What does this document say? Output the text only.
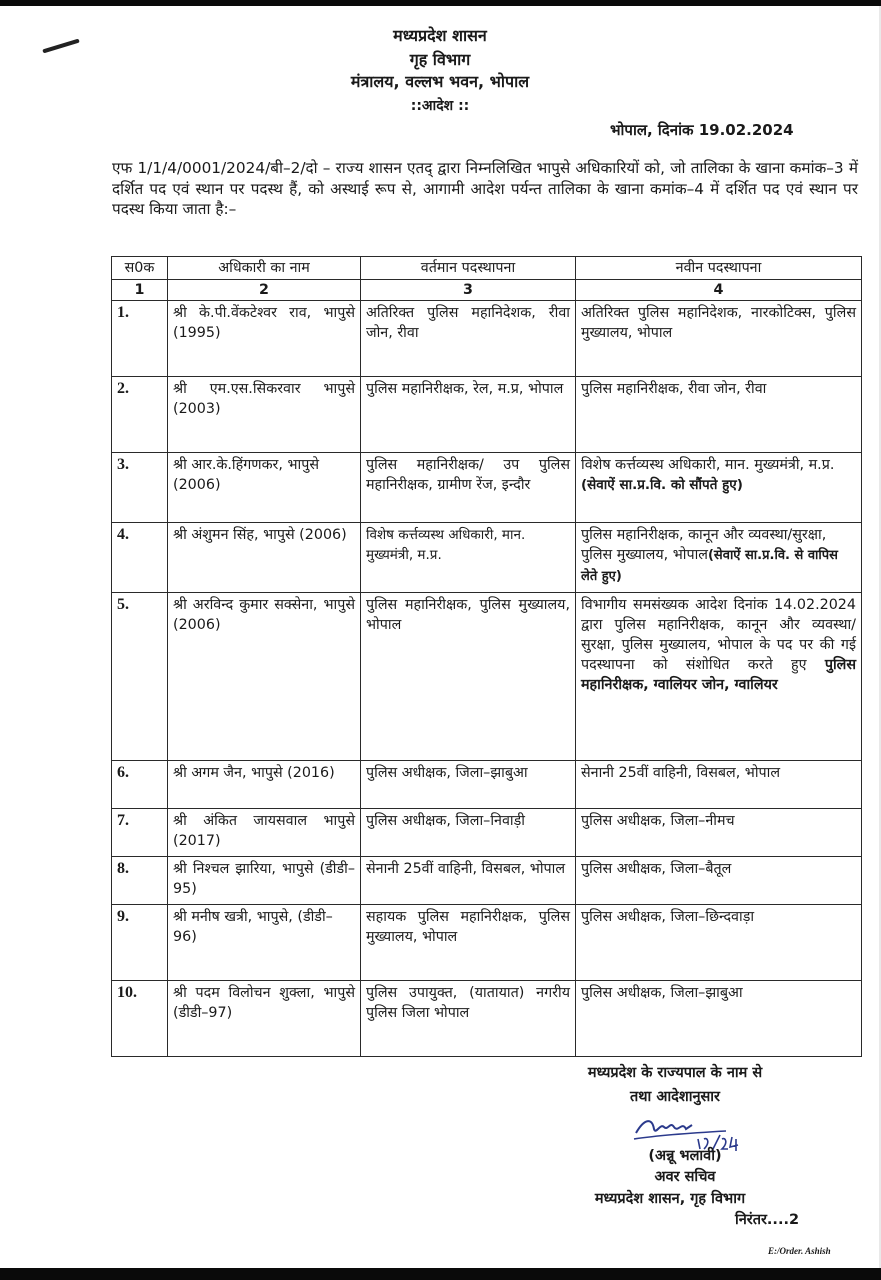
मध्यप्रदेश शासन
गृह विभाग
मंत्रालय, वल्लभ भवन, भोपाल
::आदेश ::
भोपाल, दिनांक 19.02.2024
एफ 1/1/4/0001/2024/बी–2/दो – राज्य शासन एतद् द्वारा निम्नलिखित भापुसे अधिकारियों को, जो तालिका के खाना कमांक–3 में दर्शित पद एवं स्थान पर पदस्थ हैं, को अस्थाई रूप से, आगामी आदेश पर्यन्त तालिका के खाना कमांक–4 में दर्शित पद एवं स्थान पर पदस्थ किया जाता है:–
स0क	अधिकारी का नाम	वर्तमान पदस्थापना	नवीन पदस्थापना
1	2	3	4
1.	श्री के.पी.वेंकटेश्वर राव, भापुसे (1995)	अतिरिक्त पुलिस महानिदेशक, रीवा जोन, रीवा	अतिरिक्त पुलिस महानिदेशक, नारकोटिक्स, पुलिस मुख्यालय, भोपाल
2.	श्री एम.एस.सिकरवार भापुसे (2003)	पुलिस महानिरीक्षक, रेल, म.प्र, भोपाल	पुलिस महानिरीक्षक, रीवा जोन, रीवा
3.	श्री आर.के.हिंगणकर, भापुसे (2006)	पुलिस महानिरीक्षक/ उप पुलिस महानिरीक्षक, ग्रामीण रेंज, इन्दौर	विशेष कर्त्तव्यस्थ अधिकारी, मान. मुख्यमंत्री, म.प्र.
(सेवाऐं सा.प्र.वि. को सौंपते हुए)

4.	श्री अंशुमन सिंह, भापुसे (2006)	विशेष कर्त्तव्यस्थ अधिकारी, मान. मुख्यमंत्री, म.प्र.	पुलिस महानिरीक्षक, कानून और व्यवस्था/सुरक्षा, पुलिस मुख्यालय, भोपाल(सेवाऐं सा.प्र.वि. से वापिस लेते हुए)
5.	श्री अरविन्द कुमार सक्सेना, भापुसे (2006)	पुलिस महानिरीक्षक, पुलिस मुख्यालय, भोपाल	विभागीय समसंख्यक आदेश दिनांक 14.02.2024 द्वारा पुलिस महानिरीक्षक, कानून और व्यवस्था/ सुरक्षा, पुलिस मुख्यालय, भोपाल के पद पर की गई पदस्थापना को संशोधित करते हुए पुलिस महानिरीक्षक, ग्वालियर जोन, ग्वालियर
6.	श्री अगम जैन, भापुसे (2016)	पुलिस अधीक्षक, जिला–झाबुआ	सेनानी 25वीं वाहिनी, विसबल, भोपाल
7.	श्री अंकित जायसवाल भापुसे (2017)	पुलिस अधीक्षक, जिला–निवाड़ी	पुलिस अधीक्षक, जिला–नीमच
8.	श्री निश्चल झारिया, भापुसे (डीडी–95)	सेनानी 25वीं वाहिनी, विसबल, भोपाल	पुलिस अधीक्षक, जिला–बैतूल
9.	श्री मनीष खत्री, भापुसे, (डीडी–96)	सहायक पुलिस महानिरीक्षक, पुलिस मुख्यालय, भोपाल	पुलिस अधीक्षक, जिला–छिन्दवाड़ा
10.	श्री पदम विलोचन शुक्ला, भापुसे (डीडी–97)	पुलिस उपायुक्त, (यातायात) नगरीय पुलिस जिला भोपाल	पुलिस अधीक्षक, जिला–झाबुआ
मध्यप्रदेश के राज्यपाल के नाम से
तथा आदेशानुसार
(अन्नू भलावी)
अवर सचिव
मध्यप्रदेश शासन, गृह विभाग
निरंतर....2
E:/Order. Ashish
